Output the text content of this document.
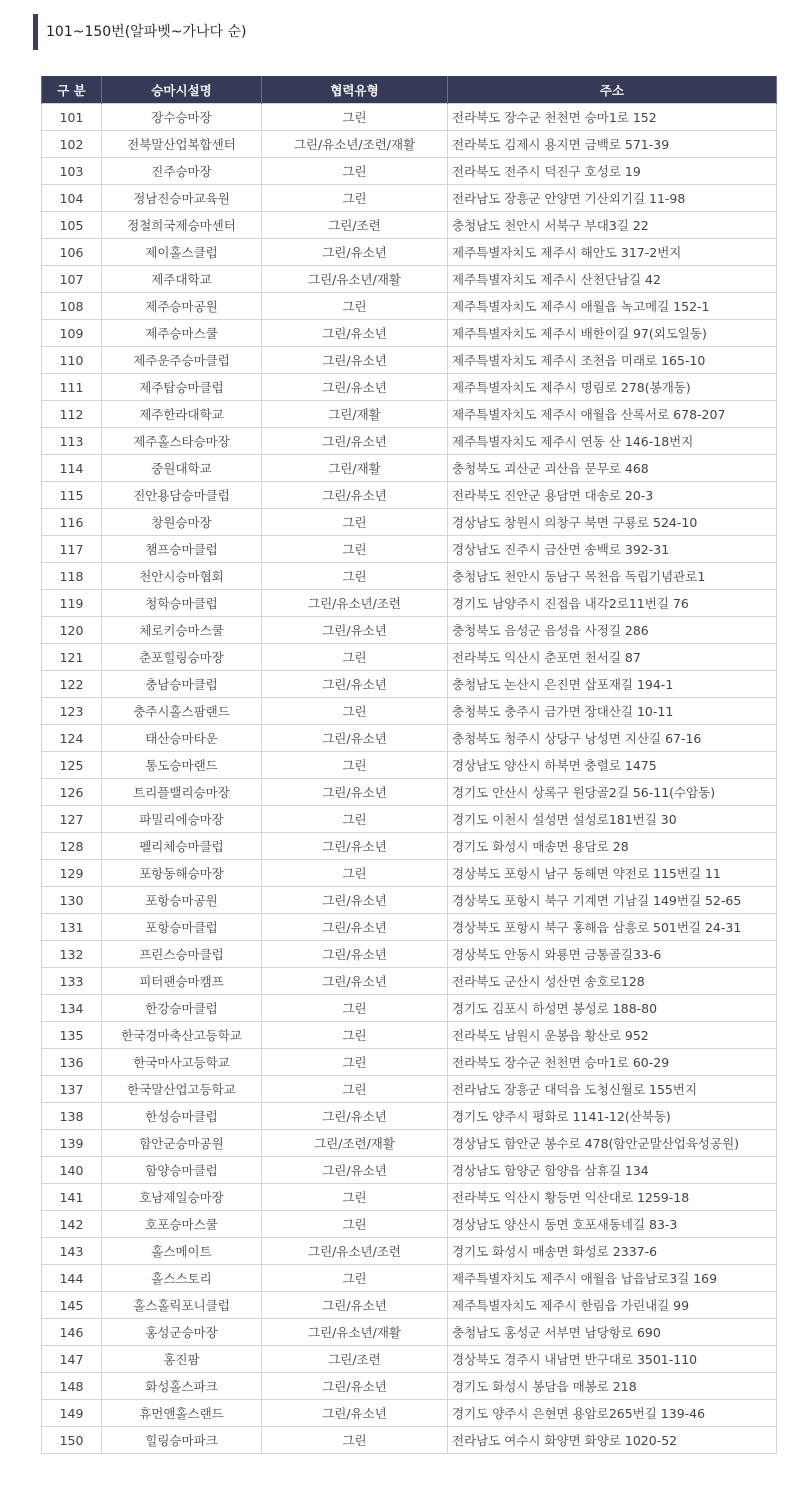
101~150번(알파벳~가나다 순)
구 분	승마시설명	협력유형	주소
101	장수승마장	그린	전라북도 장수군 천천면 승마1로 152
102	전북말산업복합센터	그린/유소년/조련/재활	전라북도 김제시 용지면 금백로 571-39
103	진주승마장	그린	전라북도 전주시 덕진구 호성로 19
104	정남진승마교육원	그린	전라남도 장흥군 안양면 기산외기길 11-98
105	정철희국제승마센터	그린/조련	충청남도 천안시 서북구 부대3길 22
106	제이홀스클럽	그린/유소년	제주특별자치도 제주시 해안도 317-2번지
107	제주대학교	그린/유소년/재활	제주특별자치도 제주시 산천단남길 42
108	제주승마공원	그린	제주특별자치도 제주시 애월읍 녹고메길 152-1
109	제주승마스쿨	그린/유소년	제주특별자치도 제주시 배한이길 97(외도일동)
110	제주운주승마클럽	그린/유소년	제주특별자치도 제주시 조천읍 미래로 165-10
111	제주탑승마클럽	그린/유소년	제주특별자치도 제주시 명림로 278(봉개동)
112	제주한라대학교	그린/재활	제주특별자치도 제주시 애월읍 산록서로 678-207
113	제주홀스타승마장	그린/유소년	제주특별자치도 제주시 연동 산 146-18번지
114	중원대학교	그린/재활	충청북도 괴산군 괴산읍 문무로 468
115	진안용담승마클럽	그린/유소년	전라북도 진안군 용담면 대송로 20-3
116	창원승마장	그린	경상남도 창원시 의창구 북면 구룡로 524-10
117	챔프승마클럽	그린	경상남도 진주시 금산면 송백로 392-31
118	천안시승마협회	그린	충청남도 천안시 동남구 목천읍 독립기념관로1
119	청학승마클럽	그린/유소년/조련	경기도 남양주시 진접읍 내각2로11번길 76
120	체로키승마스쿨	그린/유소년	충청북도 음성군 음성읍 사정길 286
121	춘포힐링승마장	그린	전라북도 익산시 춘포면 천서길 87
122	충남승마클럽	그린/유소년	충청남도 논산시 은진면 삽포재길 194-1
123	충주시홀스팜랜드	그린	충청북도 충주시 금가면 장대산길 10-11
124	태산승마타운	그린/유소년	충청북도 청주시 상당구 낭성면 지산길 67-16
125	통도승마랜드	그린	경상남도 양산시 하북면 충렬로 1475
126	트리플밸리승마장	그린/유소년	경기도 안산시 상록구 원당골2길 56-11(수암동)
127	파밀리에승마장	그린	경기도 이천시 설성면 설성로181번길 30
128	펠리체승마클럽	그린/유소년	경기도 화성시 매송면 용담로 28
129	포항동해승마장	그린	경상북도 포항시 남구 동해면 약전로 115번길 11
130	포항승마공원	그린/유소년	경상북도 포항시 북구 기계면 기남길 149번길 52-65
131	포항승마클럽	그린/유소년	경상북도 포항시 북구 홍해읍 삼흥로 501번길 24-31
132	프린스승마클럽	그린/유소년	경상북도 안동시 와룡면 금통골길33-6
133	피터팬승마캠프	그린/유소년	전라북도 군산시 성산면 송호로128
134	한강승마클럽	그린	경기도 김포시 하성면 봉성로 188-80
135	한국경마축산고등학교	그린	전라북도 남원시 운봉읍 황산로 952
136	한국마사고등학교	그린	전라북도 장수군 천천면 승마1로 60-29
137	한국말산업고등학교	그린	전라남도 장흥군 대덕읍 도청신월로 155번지
138	한성승마클럽	그린/유소년	경기도 양주시 평화로 1141-12(산북동)
139	함안군승마공원	그린/조련/재활	경상남도 함안군 봉수로 478(함안군말산업육성공원)
140	함양승마클럽	그린/유소년	경상남도 함양군 함양읍 삼휴길 134
141	호남제일승마장	그린	전라북도 익산시 황등면 익산대로 1259-18
142	호포승마스쿨	그린	경상남도 양산시 동면 호포새동네길 83-3
143	홀스메이트	그린/유소년/조련	경기도 화성시 매송면 화성로 2337-6
144	홀스스토리	그린	제주특별자치도 제주시 애월읍 납읍남로3길 169
145	홀스홀릭포니클럽	그린/유소년	제주특별자치도 제주시 한림읍 가린내길 99
146	홍성군승마장	그린/유소년/재활	충청남도 홍성군 서부면 남당항로 690
147	홍진팜	그린/조련	경상북도 경주시 내남면 반구대로 3501-110
148	화성홀스파크	그린/유소년	경기도 화성시 봉담읍 매봉로 218
149	휴먼앤홀스랜드	그린/유소년	경기도 양주시 은현면 용암로265번길 139-46
150	힐링승마파크	그린	전라남도 여수시 화양면 화양로 1020-52
